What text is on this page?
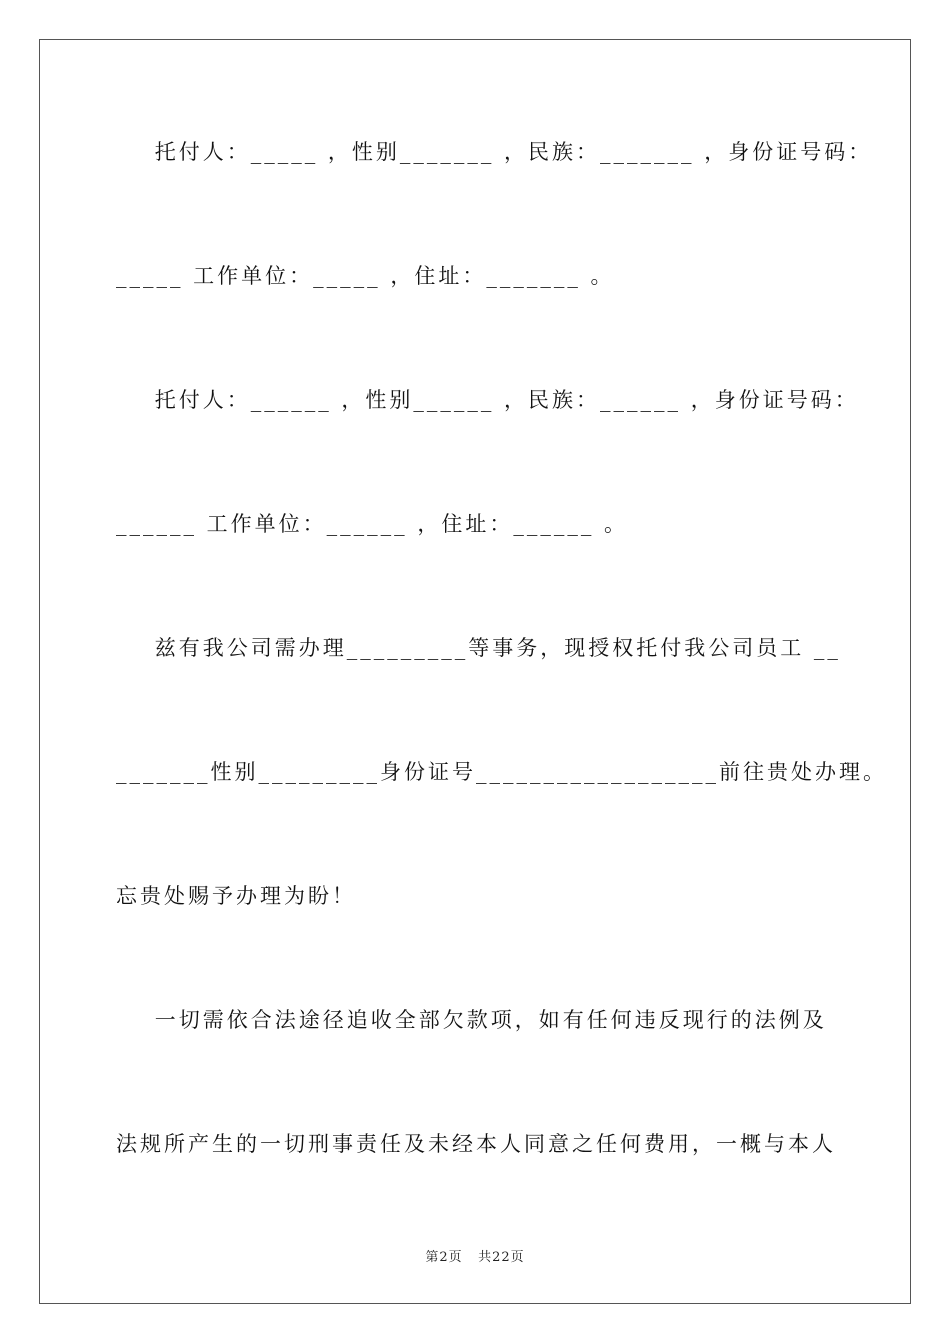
托付人：_____ ，性别_______ ，民族：_______ ，身份证号码：
_____ 工作单位：_____ ，住址：_______ 。
托付人：______ ，性别______ ，民族：______ ，身份证号码：
______ 工作单位：______ ，住址：______ 。
兹有我公司需办理_________等事务，现授权托付我公司员工 __
_______性别_________身份证号__________________前往贵处办理。
忘贵处赐予办理为盼！
一切需依合法途径追收全部欠款项，如有任何违反现行的法例及
法规所产生的一切刑事责任及未经本人同意之任何费用，一概与本人
第2页 共22页
